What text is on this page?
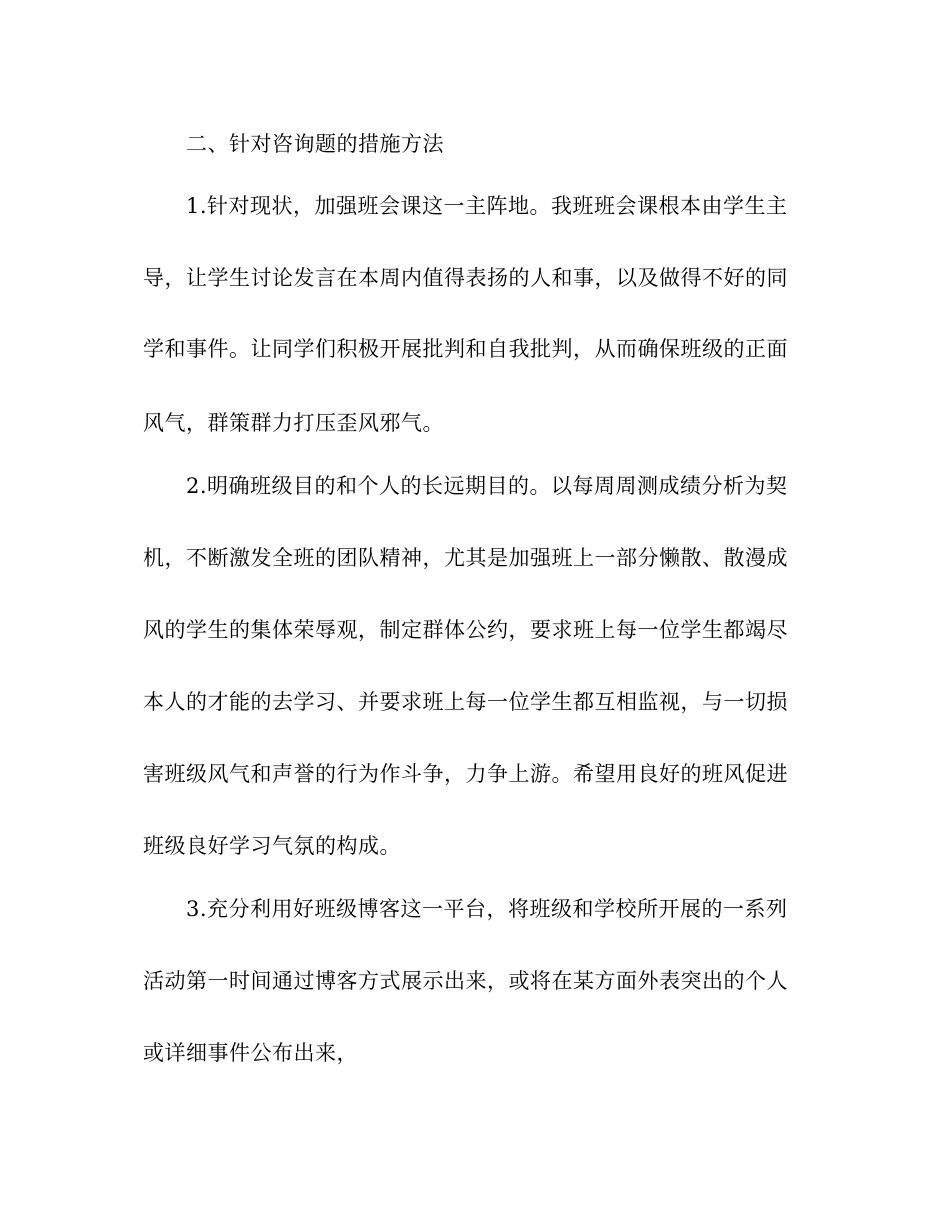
二、针对咨询题的措施方法
1.针对现状，加强班会课这一主阵地。我班班会课根本由学生主
导，让学生讨论发言在本周内值得表扬的人和事，以及做得不好的同
学和事件。让同学们积极开展批判和自我批判，从而确保班级的正面
风气，群策群力打压歪风邪气。
2.明确班级目的和个人的长远期目的。以每周周测成绩分析为契
机，不断激发全班的团队精神，尤其是加强班上一部分懒散、散漫成
风的学生的集体荣辱观，制定群体公约，要求班上每一位学生都竭尽
本人的才能的去学习、并要求班上每一位学生都互相监视，与一切损
害班级风气和声誉的行为作斗争，力争上游。希望用良好的班风促进
班级良好学习气氛的构成。
3.充分利用好班级博客这一平台，将班级和学校所开展的一系列
活动第一时间通过博客方式展示出来，或将在某方面外表突出的个人
或详细事件公布出来，
